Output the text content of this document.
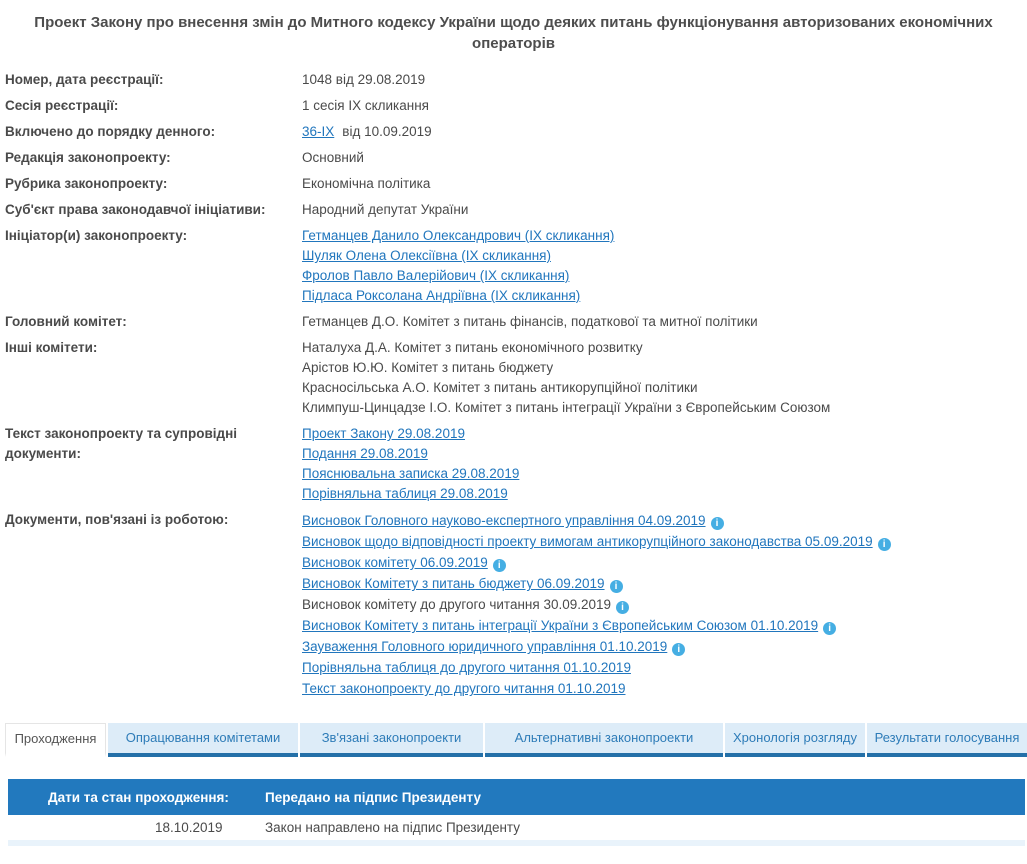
Проект Закону про внесення змін до Митного кодексу України щодо деяких питань функціонування авторизованих економічних операторів
Номер, дата реєстрації:	1048 від 29.08.2019
Сесія реєстрації:	1 сесія IX скликання
Включено до порядку денного:	36-IX від 10.09.2019
Редакція законопроекту:	Основний
Рубрика законопроекту:	Економічна політика
Суб'єкт права законодавчої ініціативи:	Народний депутат України
Ініціатор(и) законопроекту:	Гетманцев Данило Олександрович (IX скликання)
Шуляк Олена Олексіївна (IX скликання)
Фролов Павло Валерійович (IX скликання)
Підласа Роксолана Андріївна (IX скликання)
Головний комітет:	Гетманцев Д.О. Комітет з питань фінансів, податкової та митної політики
Інші комітети:	Наталуха Д.А. Комітет з питань економічного розвитку
Арістов Ю.Ю. Комітет з питань бюджету
Красносільська А.О. Комітет з питань антикорупційної політики
Климпуш-Цинцадзе І.О. Комітет з питань інтеграції України з Європейським Союзом
Текст законопроекту та супровідні документи:
Проект Закону 29.08.2019
Подання 29.08.2019
Пояснювальна записка 29.08.2019
Порівняльна таблиця 29.08.2019
Документи, пов'язані із роботою:	Висновок Головного науково-експертного управління 04.09.2019 i
Висновок щодо відповідності проекту вимогам антикорупційного законодавства 05.09.2019 i
Висновок комітету 06.09.2019 i
Висновок Комітету з питань бюджету 06.09.2019 i
Висновок комітету до другого читання 30.09.2019 i
Висновок Комітету з питань інтеграції України з Європейським Союзом 01.10.2019 i
Зауваження Головного юридичного управління 01.10.2019 i
Порівняльна таблиця до другого читання 01.10.2019
Текст законопроекту до другого читання 01.10.2019
Проходження	Опрацювання комітетами	Зв'язані законопроекти	Альтернативні законопроекти	Хронологія розгляду	Результати голосування
Дати та стан проходження:	Передано на підпис Президенту
18.10.2019	Закон направлено на підпис Президенту
